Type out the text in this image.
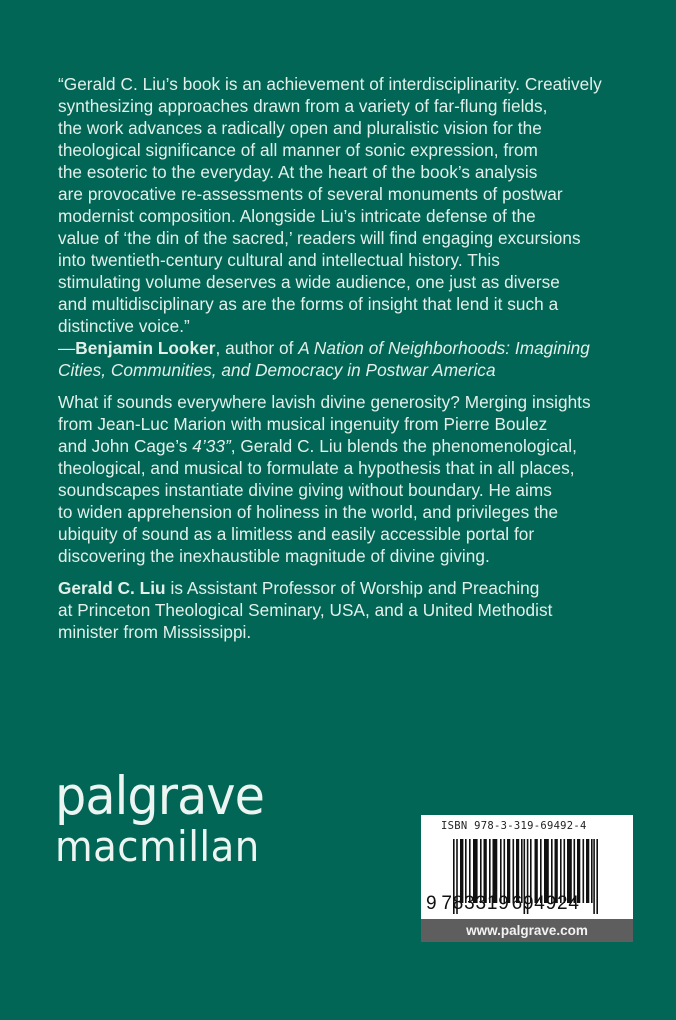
“Gerald C. Liu’s book is an achievement of interdisciplinarity. Creatively
synthesizing approaches drawn from a variety of far-flung fields,
the work advances a radically open and pluralistic vision for the
theological significance of all manner of sonic expression, from
the esoteric to the everyday. At the heart of the book’s analysis
are provocative re-assessments of several monuments of postwar
modernist composition. Alongside Liu’s intricate defense of the
value of ‘the din of the sacred,’ readers will find engaging excursions
into twentieth-century cultural and intellectual history. This
stimulating volume deserves a wide audience, one just as diverse
and multidisciplinary as are the forms of insight that lend it such a
distinctive voice.”
—Benjamin Looker, author of A Nation of Neighborhoods: Imagining
Cities, Communities, and Democracy in Postwar America

What if sounds everywhere lavish divine generosity? Merging insights
from Jean-Luc Marion with musical ingenuity from Pierre Boulez
and John Cage’s 4’33”, Gerald C. Liu blends the phenomenological,
theological, and musical to formulate a hypothesis that in all places,
soundscapes instantiate divine giving without boundary. He aims
to widen apprehension of holiness in the world, and privileges the
ubiquity of sound as a limitless and easily accessible portal for
discovering the inexhaustible magnitude of divine giving.

Gerald C. Liu is Assistant Professor of Worship and Preaching
at Princeton Theological Seminary, USA, and a United Methodist
minister from Mississippi.

palgrave
macmillan	ISBN 978-3-319-69492-4
9 783319 694924
www.palgrave.com
